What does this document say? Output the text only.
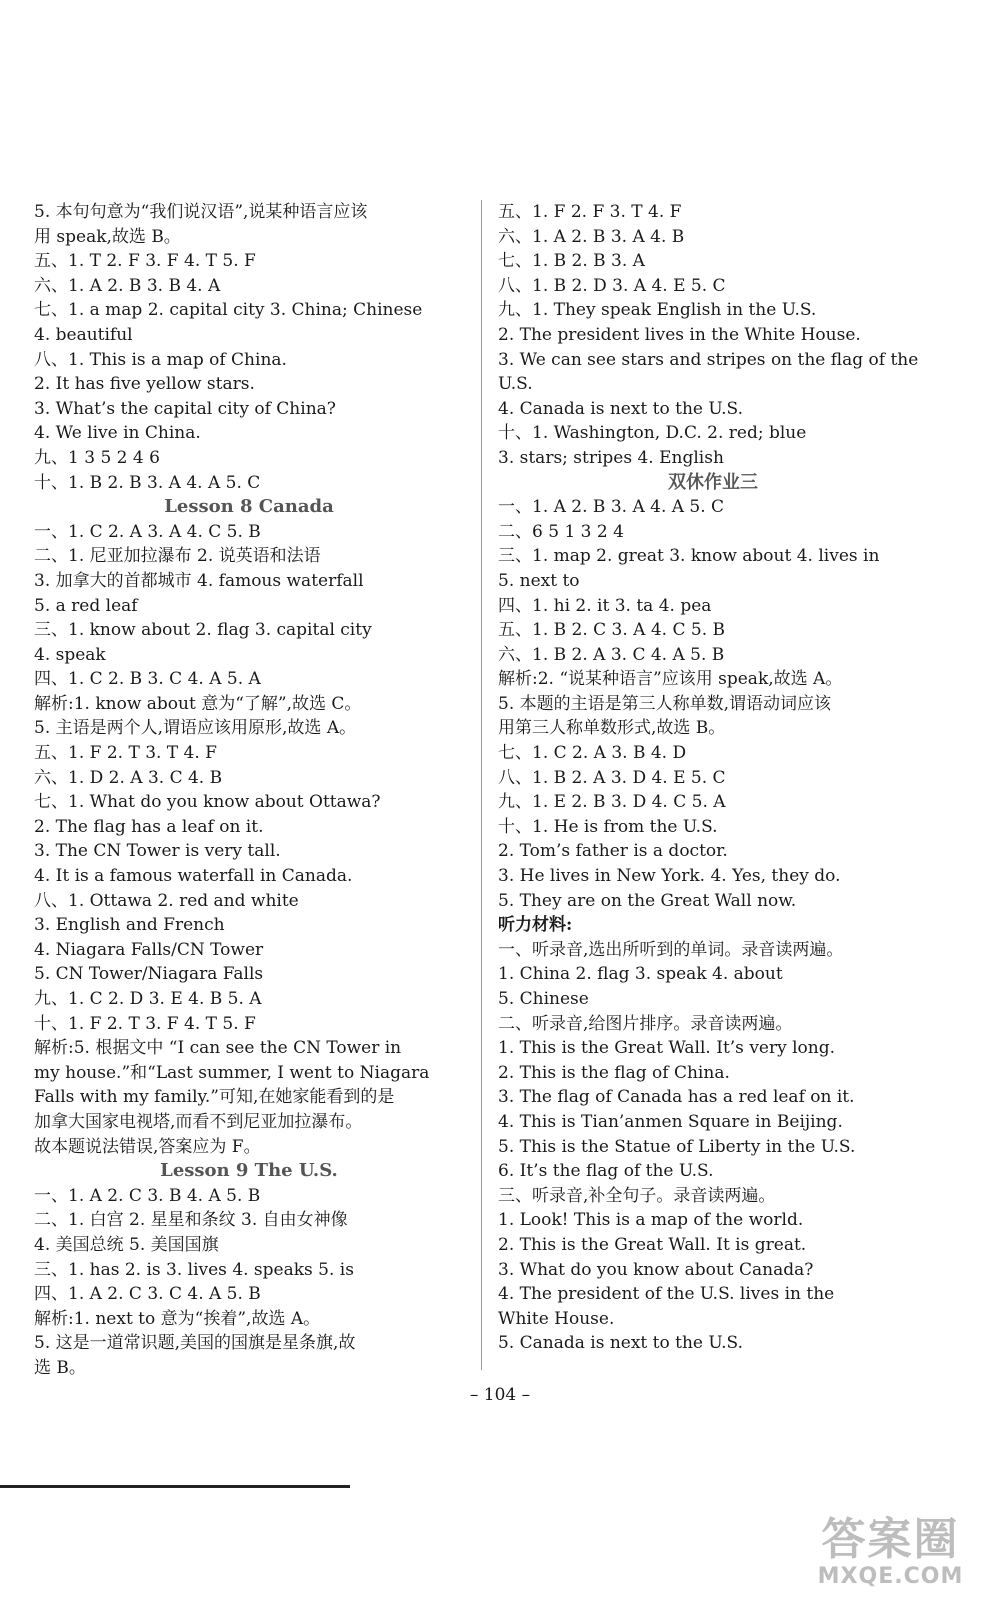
5. 本句句意为“我们说汉语”,说某种语言应该
用 speak,故选 B。
五、1. T 2. F 3. F 4. T 5. F
六、1. A 2. B 3. B 4. A
七、1. a map 2. capital city 3. China; Chinese
4. beautiful
八、1. This is a map of China.
2. It has five yellow stars.
3. What’s the capital city of China?
4. We live in China.
九、1 3 5 2 4 6
十、1. B 2. B 3. A 4. A 5. C
Lesson 8 Canada
一、1. C 2. A 3. A 4. C 5. B
二、1. 尼亚加拉瀑布 2. 说英语和法语
3. 加拿大的首都城市 4. famous waterfall
5. a red leaf
三、1. know about 2. flag 3. capital city
4. speak
四、1. C 2. B 3. C 4. A 5. A
解析:1. know about 意为“了解”,故选 C。
5. 主语是两个人,谓语应该用原形,故选 A。
五、1. F 2. T 3. T 4. F
六、1. D 2. A 3. C 4. B
七、1. What do you know about Ottawa?
2. The flag has a leaf on it.
3. The CN Tower is very tall.
4. It is a famous waterfall in Canada.
八、1. Ottawa 2. red and white
3. English and French
4. Niagara Falls/CN Tower
5. CN Tower/Niagara Falls
九、1. C 2. D 3. E 4. B 5. A
十、1. F 2. T 3. F 4. T 5. F
解析:5. 根据文中 “I can see the CN Tower in
my house.”和“Last summer, I went to Niagara
Falls with my family.”可知,在她家能看到的是
加拿大国家电视塔,而看不到尼亚加拉瀑布。
故本题说法错误,答案应为 F。
Lesson 9 The U.S.
一、1. A 2. C 3. B 4. A 5. B
二、1. 白宫 2. 星星和条纹 3. 自由女神像
4. 美国总统 5. 美国国旗
三、1. has 2. is 3. lives 4. speaks 5. is
四、1. A 2. C 3. C 4. A 5. B
解析:1. next to 意为“挨着”,故选 A。
5. 这是一道常识题,美国的国旗是星条旗,故
选 B。
五、1. F 2. F 3. T 4. F
六、1. A 2. B 3. A 4. B
七、1. B 2. B 3. A
八、1. B 2. D 3. A 4. E 5. C
九、1. They speak English in the U.S.
2. The president lives in the White House.
3. We can see stars and stripes on the flag of the
U.S.
4. Canada is next to the U.S.
十、1. Washington, D.C. 2. red; blue
3. stars; stripes 4. English
双休作业三
一、1. A 2. B 3. A 4. A 5. C
二、6 5 1 3 2 4
三、1. map 2. great 3. know about 4. lives in
5. next to
四、1. hi 2. it 3. ta 4. pea
五、1. B 2. C 3. A 4. C 5. B
六、1. B 2. A 3. C 4. A 5. B
解析:2. “说某种语言”应该用 speak,故选 A。
5. 本题的主语是第三人称单数,谓语动词应该
用第三人称单数形式,故选 B。
七、1. C 2. A 3. B 4. D
八、1. B 2. A 3. D 4. E 5. C
九、1. E 2. B 3. D 4. C 5. A
十、1. He is from the U.S.
2. Tom’s father is a doctor.
3. He lives in New York. 4. Yes, they do.
5. They are on the Great Wall now.
听力材料:
一、听录音,选出所听到的单词。录音读两遍。
1. China 2. flag 3. speak 4. about
5. Chinese
二、听录音,给图片排序。录音读两遍。
1. This is the Great Wall. It’s very long.
2. This is the flag of China.
3. The flag of Canada has a red leaf on it.
4. This is Tian’anmen Square in Beijing.
5. This is the Statue of Liberty in the U.S.
6. It’s the flag of the U.S.
三、听录音,补全句子。录音读两遍。
1. Look! This is a map of the world.
2. This is the Great Wall. It is great.
3. What do you know about Canada?
4. The president of the U.S. lives in the
White House.
5. Canada is next to the U.S.
– 104 –
答案圈
MXQE.COM
